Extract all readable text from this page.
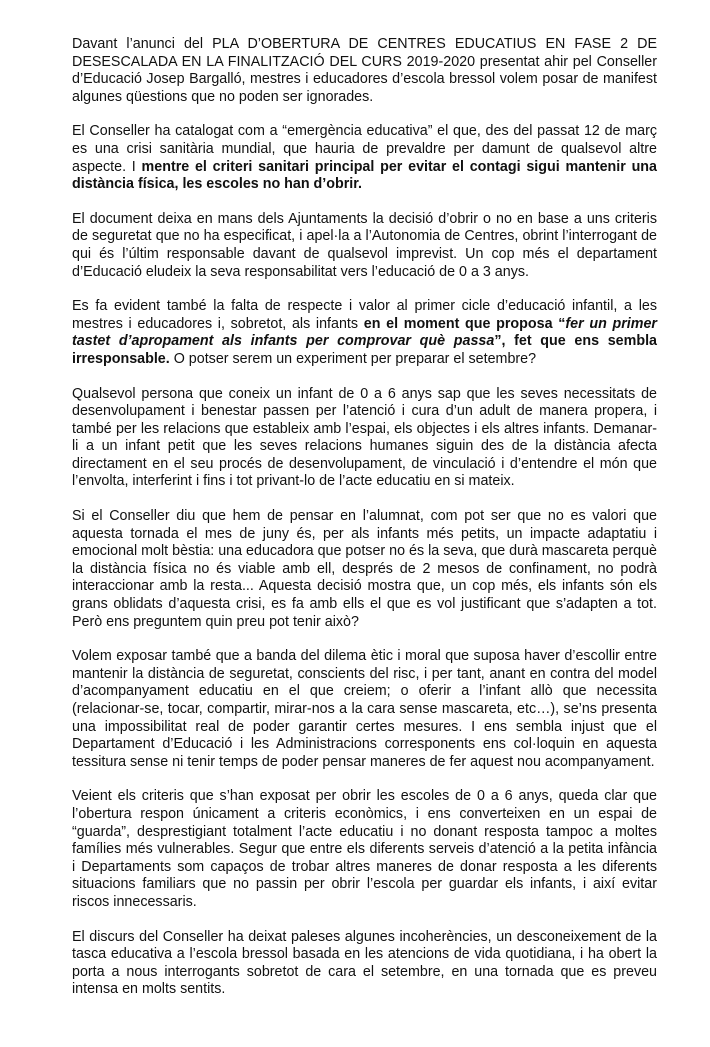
Davant l’anunci del PLA D’OBERTURA DE CENTRES EDUCATIUS EN FASE 2 DE DESESCALADA EN LA FINALITZACIÓ DEL CURS 2019-2020 presentat ahir pel Conseller d’Educació Josep Bargalló, mestres i educadores d’escola bressol volem posar de manifest algunes qüestions que no poden ser ignorades.

El Conseller ha catalogat com a “emergència educativa” el que, des del passat 12 de març es una crisi sanitària mundial, que hauria de prevaldre per damunt de qualsevol altre aspecte. I mentre el criteri sanitari principal per evitar el contagi sigui mantenir una distància física, les escoles no han d’obrir.

El document deixa en mans dels Ajuntaments la decisió d’obrir o no en base a uns criteris de seguretat que no ha especificat, i apel·la a l’Autonomia de Centres, obrint l’interrogant de qui és l’últim responsable davant de qualsevol imprevist. Un cop més el departament d’Educació eludeix la seva responsabilitat vers l’educació de 0 a 3 anys.

Es fa evident també la falta de respecte i valor al primer cicle d’educació infantil, a les mestres i educadores i, sobretot, als infants en el moment que proposa “fer un primer tastet d’apropament als infants per comprovar què passa”, fet que ens sembla irresponsable. O potser serem un experiment per preparar el setembre?

Qualsevol persona que coneix un infant de 0 a 6 anys sap que les seves necessitats de desenvolupament i benestar passen per l’atenció i cura d’un adult de manera propera, i també per les relacions que estableix amb l’espai, els objectes i els altres infants. Demanar-li a un infant petit que les seves relacions humanes siguin des de la distància afecta directament en el seu procés de desenvolupament, de vinculació i d’entendre el món que l’envolta, interferint i fins i tot privant-lo de l’acte educatiu en si mateix.

Si el Conseller diu que hem de pensar en l’alumnat, com pot ser que no es valori que aquesta tornada el mes de juny és, per als infants més petits, un impacte adaptatiu i emocional molt bèstia: una educadora que potser no és la seva, que durà mascareta perquè la distància física no és viable amb ell, després de 2 mesos de confinament, no podrà interaccionar amb la resta... Aquesta decisió mostra que, un cop més, els infants són els grans oblidats d’aquesta crisi, es fa amb ells el que es vol justificant que s’adapten a tot. Però ens preguntem quin preu pot tenir això?

Volem exposar també que a banda del dilema ètic i moral que suposa haver d’escollir entre mantenir la distància de seguretat, conscients del risc, i per tant, anant en contra del model d’acompanyament educatiu en el que creiem; o oferir a l’infant allò que necessita (relacionar-se, tocar, compartir, mirar-nos a la cara sense mascareta, etc…), se’ns presenta una impossibilitat real de poder garantir certes mesures. I ens sembla injust que el Departament d’Educació i les Administracions corresponents ens col·loquin en aquesta tessitura sense ni tenir temps de poder pensar maneres de fer aquest nou acompanyament.

Veient els criteris que s’han exposat per obrir les escoles de 0 a 6 anys, queda clar que l’obertura respon únicament a criteris econòmics, i ens converteixen en un espai de “guarda”, desprestigiant totalment l’acte educatiu i no donant resposta tampoc a moltes famílies més vulnerables. Segur que entre els diferents serveis d’atenció a la petita infància i Departaments som capaços de trobar altres maneres de donar resposta a les diferents situacions familiars que no passin per obrir l’escola per guardar els infants, i així evitar riscos innecessaris.

El discurs del Conseller ha deixat paleses algunes incoherències, un desconeixement de la tasca educativa a l’escola bressol basada en les atencions de vida quotidiana, i ha obert la porta a nous interrogants sobretot de cara el setembre, en una tornada que es preveu intensa en molts sentits.
